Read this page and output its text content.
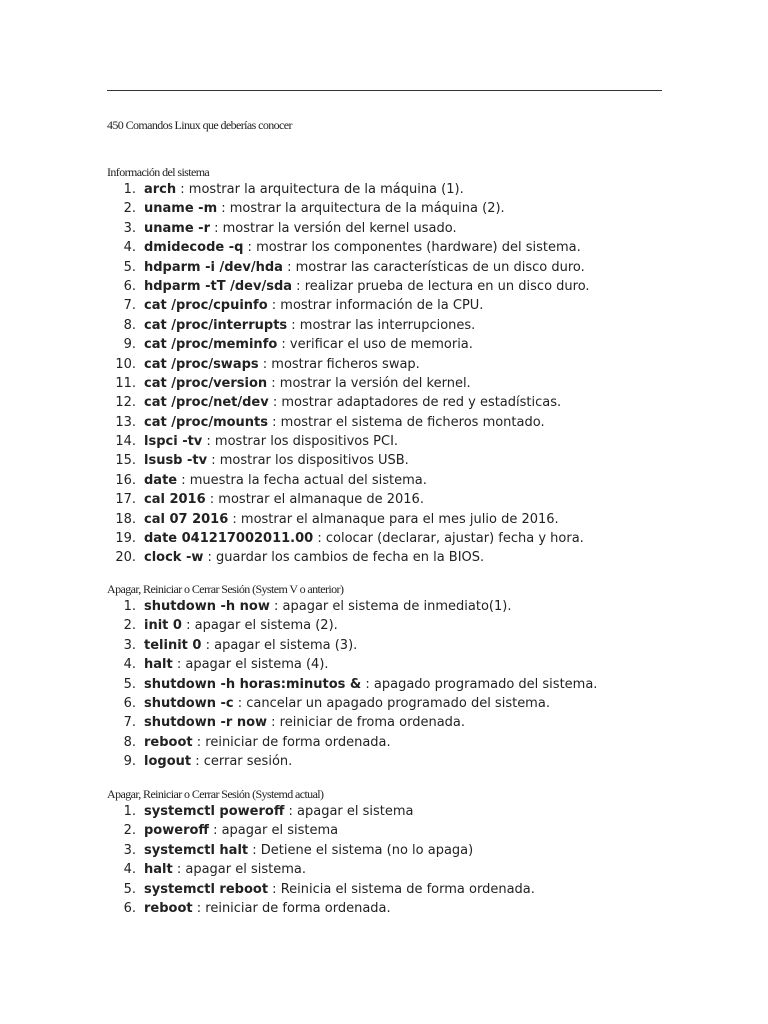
450 Comandos Linux que deberías conocer
Información del sistema
1. arch : mostrar la arquitectura de la máquina (1).
2. uname -m : mostrar la arquitectura de la máquina (2).
3. uname -r : mostrar la versión del kernel usado.
4. dmidecode -q : mostrar los componentes (hardware) del sistema.
5. hdparm -i /dev/hda : mostrar las características de un disco duro.
6. hdparm -tT /dev/sda : realizar prueba de lectura en un disco duro.
7. cat /proc/cpuinfo : mostrar información de la CPU.
8. cat /proc/interrupts : mostrar las interrupciones.
9. cat /proc/meminfo : verificar el uso de memoria.
10. cat /proc/swaps : mostrar ficheros swap.
11. cat /proc/version : mostrar la versión del kernel.
12. cat /proc/net/dev : mostrar adaptadores de red y estadísticas.
13. cat /proc/mounts : mostrar el sistema de ficheros montado.
14. lspci -tv : mostrar los dispositivos PCI.
15. lsusb -tv : mostrar los dispositivos USB.
16. date : muestra la fecha actual del sistema.
17. cal 2016 : mostrar el almanaque de 2016.
18. cal 07 2016 : mostrar el almanaque para el mes julio de 2016.
19. date 041217002011.00 : colocar (declarar, ajustar) fecha y hora.
20. clock -w : guardar los cambios de fecha en la BIOS.
Apagar, Reiniciar o Cerrar Sesión (System V o anterior)
1. shutdown -h now : apagar el sistema de inmediato(1).
2. init 0 : apagar el sistema (2).
3. telinit 0 : apagar el sistema (3).
4. halt : apagar el sistema (4).
5. shutdown -h horas:minutos & : apagado programado del sistema.
6. shutdown -c : cancelar un apagado programado del sistema.
7. shutdown -r now : reiniciar de froma ordenada.
8. reboot : reiniciar de forma ordenada.
9. logout : cerrar sesión.
Apagar, Reiniciar o Cerrar Sesión (Systemd actual)
1. systemctl poweroff : apagar el sistema
2. poweroff : apagar el sistema
3. systemctl halt : Detiene el sistema (no lo apaga)
4. halt : apagar el sistema.
5. systemctl reboot : Reinicia el sistema de forma ordenada.
6. reboot : reiniciar de forma ordenada.
